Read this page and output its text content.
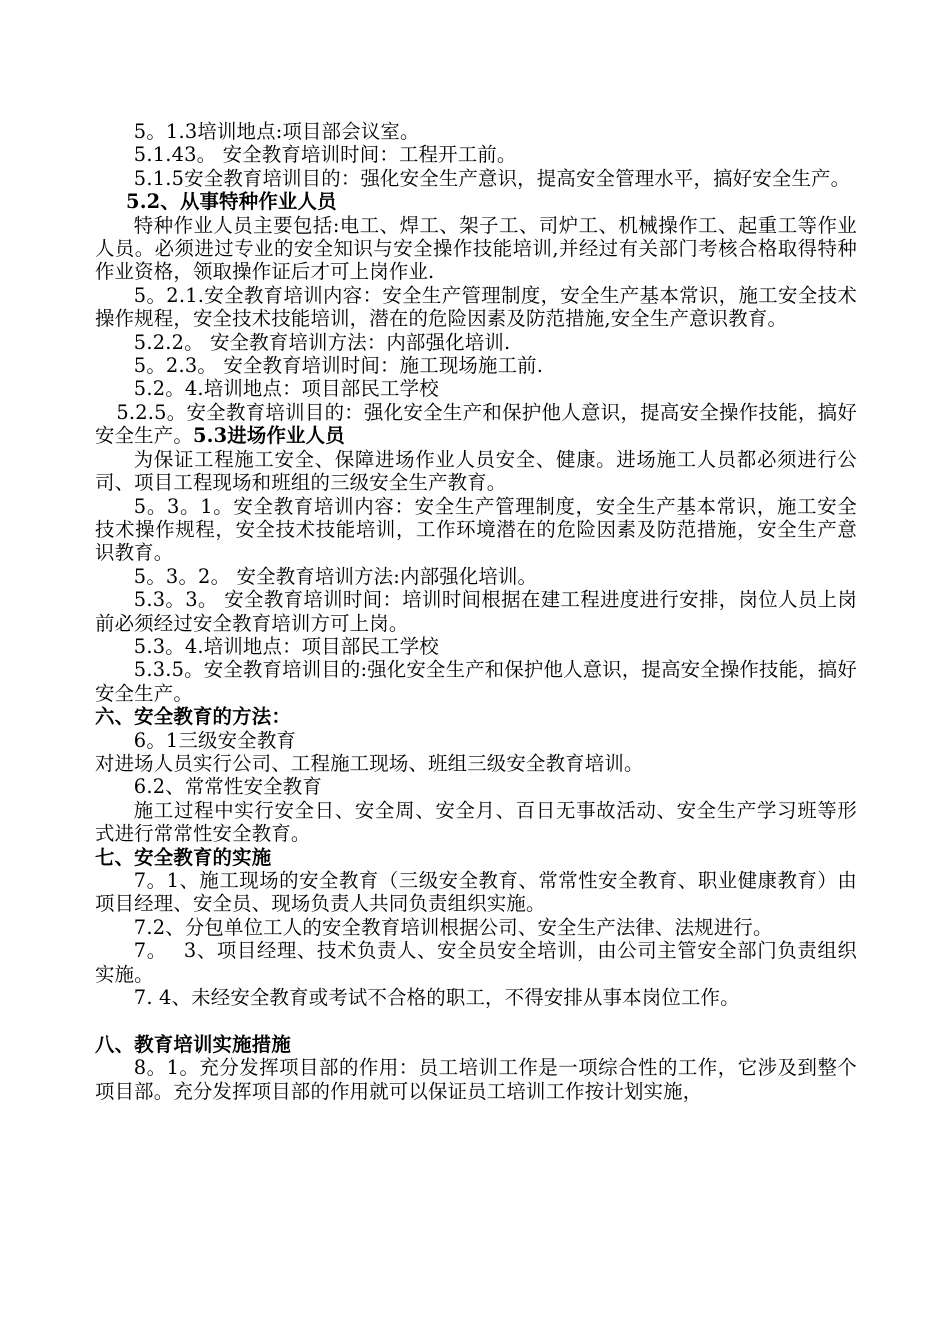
5。1.3培训地点:项目部会议室。

5.1.43。 安全教育培训时间：工程开工前。

5.1.5安全教育培训目的：强化安全生产意识，提高安全管理水平，搞好安全生产。

5.2、从事特种作业人员

特种作业人员主要包括:电工、焊工、架子工、司炉工、机械操作工、起重工等作业人员。必须进过专业的安全知识与安全操作技能培训,并经过有关部门考核合格取得特种作业资格，领取操作证后才可上岗作业.

5。2.1.安全教育培训内容：安全生产管理制度，安全生产基本常识，施工安全技术操作规程，安全技术技能培训，潜在的危险因素及防范措施,安全生产意识教育。

5.2.2。 安全教育培训方法：内部强化培训.

5。2.3。 安全教育培训时间：施工现场施工前.

5.2。4.培训地点：项目部民工学校

5.2.5。安全教育培训目的：强化安全生产和保护他人意识，提高安全操作技能，搞好安全生产。5.3进场作业人员

为保证工程施工安全、保障进场作业人员安全、健康。进场施工人员都必须进行公司、项目工程现场和班组的三级安全生产教育。

5。3。1。安全教育培训内容：安全生产管理制度，安全生产基本常识，施工安全技术操作规程，安全技术技能培训，工作环境潜在的危险因素及防范措施，安全生产意识教育。

5。3。2。 安全教育培训方法:内部强化培训。

5.3。3。 安全教育培训时间：培训时间根据在建工程进度进行安排，岗位人员上岗前必须经过安全教育培训方可上岗。

5.3。4.培训地点：项目部民工学校

5.3.5。安全教育培训目的:强化安全生产和保护他人意识，提高安全操作技能，搞好安全生产。

六、安全教育的方法：

6。1三级安全教育

对进场人员实行公司、工程施工现场、班组三级安全教育培训。

6.2、常常性安全教育

施工过程中实行安全日、安全周、安全月、百日无事故活动、安全生产学习班等形式进行常常性安全教育。

七、安全教育的实施

7。1、施工现场的安全教育（三级安全教育、常常性安全教育、职业健康教育）由项目经理、安全员、现场负责人共同负责组织实施。

7.2、分包单位工人的安全教育培训根据公司、安全生产法律、法规进行。

7。　 3、项目经理、技术负责人、安全员安全培训，由公司主管安全部门负责组织实施。

7. 4、未经安全教育或考试不合格的职工，不得安排从事本岗位工作。

八、教育培训实施措施

8。1。充分发挥项目部的作用：员工培训工作是一项综合性的工作，它涉及到整个项目部。充分发挥项目部的作用就可以保证员工培训工作按计划实施，
